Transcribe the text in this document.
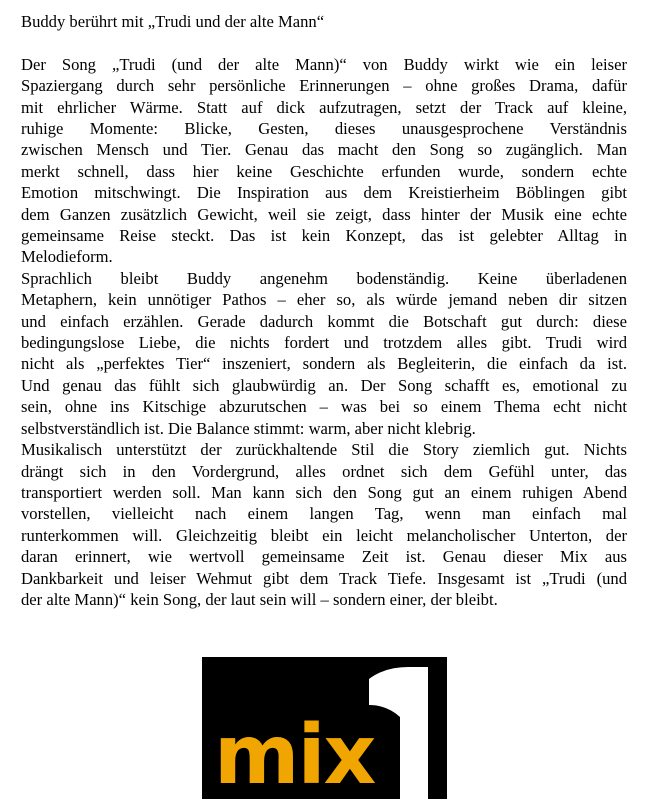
Buddy berührt mit „Trudi und der alte Mann“
Der Song „Trudi (und der alte Mann)“ von Buddy wirkt wie ein leiser
Spaziergang durch sehr persönliche Erinnerungen – ohne großes Drama, dafür
mit ehrlicher Wärme. Statt auf dick aufzutragen, setzt der Track auf kleine,
ruhige Momente: Blicke, Gesten, dieses unausgesprochene Verständnis
zwischen Mensch und Tier. Genau das macht den Song so zugänglich. Man
merkt schnell, dass hier keine Geschichte erfunden wurde, sondern echte
Emotion mitschwingt. Die Inspiration aus dem Kreistierheim Böblingen gibt
dem Ganzen zusätzlich Gewicht, weil sie zeigt, dass hinter der Musik eine echte
gemeinsame Reise steckt. Das ist kein Konzept, das ist gelebter Alltag in
Melodieform.
Sprachlich bleibt Buddy angenehm bodenständig. Keine überladenen
Metaphern, kein unnötiger Pathos – eher so, als würde jemand neben dir sitzen
und einfach erzählen. Gerade dadurch kommt die Botschaft gut durch: diese
bedingungslose Liebe, die nichts fordert und trotzdem alles gibt. Trudi wird
nicht als „perfektes Tier“ inszeniert, sondern als Begleiterin, die einfach da ist.
Und genau das fühlt sich glaubwürdig an. Der Song schafft es, emotional zu
sein, ohne ins Kitschige abzurutschen – was bei so einem Thema echt nicht
selbstverständlich ist. Die Balance stimmt: warm, aber nicht klebrig.
Musikalisch unterstützt der zurückhaltende Stil die Story ziemlich gut. Nichts
drängt sich in den Vordergrund, alles ordnet sich dem Gefühl unter, das
transportiert werden soll. Man kann sich den Song gut an einem ruhigen Abend
vorstellen, vielleicht nach einem langen Tag, wenn man einfach mal
runterkommen will. Gleichzeitig bleibt ein leicht melancholischer Unterton, der
daran erinnert, wie wertvoll gemeinsame Zeit ist. Genau dieser Mix aus
Dankbarkeit und leiser Wehmut gibt dem Track Tiefe. Insgesamt ist „Trudi (und
der alte Mann)“ kein Song, der laut sein will – sondern einer, der bleibt.
mix
